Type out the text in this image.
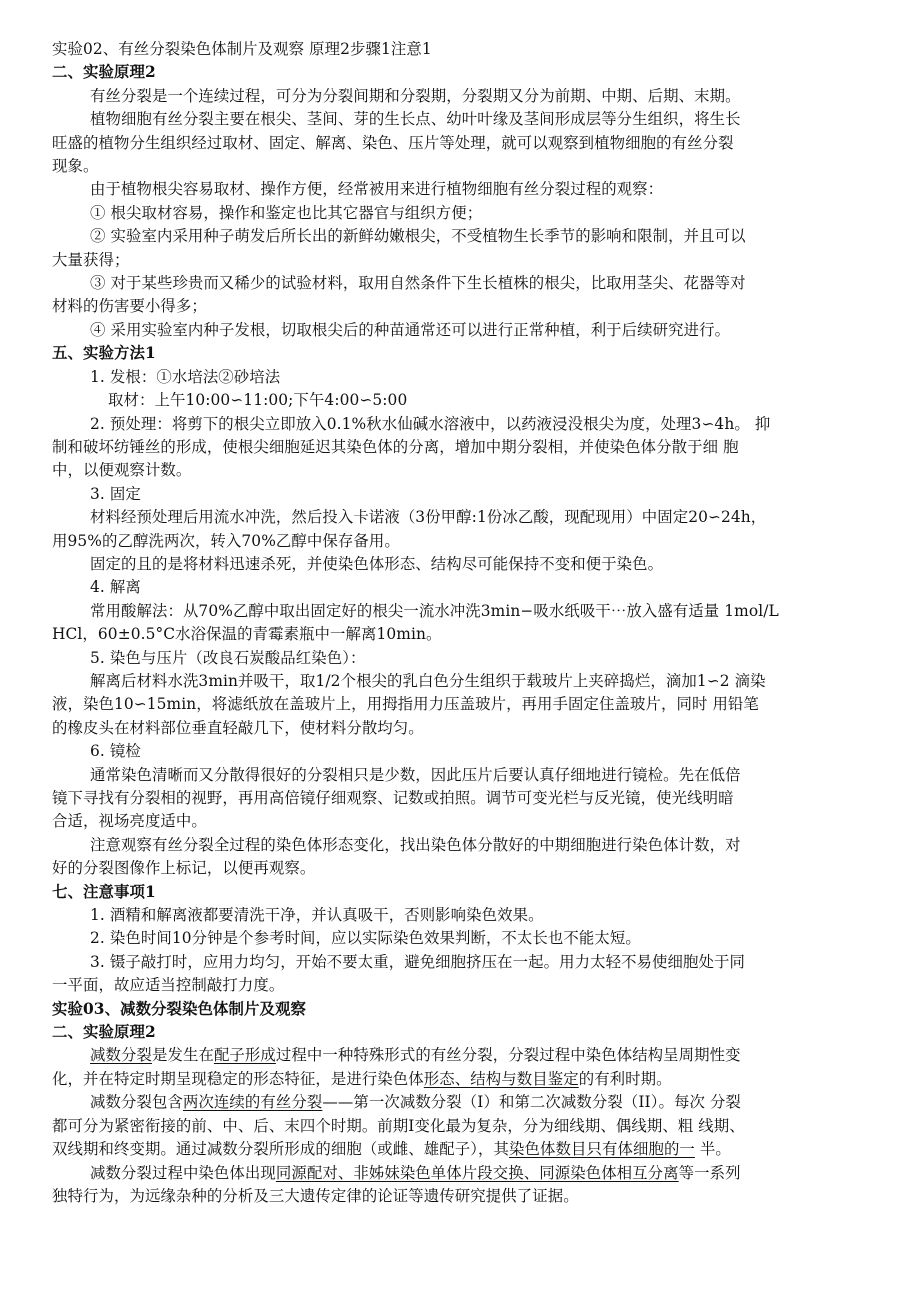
实验02、有丝分裂染色体制片及观察 原理2步骤1注意1

二、实验原理2

有丝分裂是一个连续过程，可分为分裂间期和分裂期，分裂期又分为前期、中期、后期、末期。

植物细胞有丝分裂主要在根尖、茎间、芽的生长点、幼叶叶缘及茎间形成层等分生组织，将生长

旺盛的植物分生组织经过取材、固定、解离、染色、压片等处理，就可以观察到植物细胞的有丝分裂

现象。

由于植物根尖容易取材、操作方便，经常被用来进行植物细胞有丝分裂过程的观察：

① 根尖取材容易，操作和鉴定也比其它器官与组织方便；

② 实验室内采用种子萌发后所长出的新鲜幼嫩根尖，不受植物生长季节的影响和限制，并且可以

大量获得；

③ 对于某些珍贵而又稀少的试验材料，取用自然条件下生长植株的根尖，比取用茎尖、花器等对

材料的伤害要小得多；

④ 采用实验室内种子发根，切取根尖后的种苗通常还可以进行正常种植，利于后续研究进行。

五、实验方法1

1. 发根：①水培法②砂培法

取材：上午10:00∽11:00;下午4:00∽5:00

2. 预处理：将剪下的根尖立即放入0.1%秋水仙碱水溶液中，以药液浸没根尖为度，处理3∽4h。 抑

制和破坏纺锤丝的形成，使根尖细胞延迟其染色体的分离，增加中期分裂相，并使染色体分散于细 胞

中，以便观察计数。

3. 固定

材料经预处理后用流水冲洗，然后投入卡诺液（3份甲醇:1份冰乙酸，现配现用）中固定20∽24h，

用95%的乙醇洗两次，转入70%乙醇中保存备用。

固定的且的是将材料迅速杀死，并使染色体形态、结构尽可能保持不变和便于染色。

4. 解离

常用酸解法：从70%乙醇中取出固定好的根尖一流水冲洗3min−吸水纸吸干⋯放入盛有适量 1mol/L

HCl，60±0.5°C水浴保温的青霉素瓶中一解离10min。

5. 染色与压片（改良石炭酸品红染色）：

解离后材料水洗3min并吸干，取1/2个根尖的乳白色分生组织于载玻片上夹碎捣烂，滴加1∽2 滴染

液，染色10∽15min，将滤纸放在盖玻片上，用拇指用力压盖玻片，再用手固定住盖玻片，同时 用铅笔

的橡皮头在材料部位垂直轻敲几下，使材料分散均匀。

6. 镜检

通常染色清晰而又分散得很好的分裂相只是少数，因此压片后要认真仔细地进行镜检。先在低倍

镜下寻找有分裂相的视野，再用高倍镜仔细观察、记数或拍照。调节可变光栏与反光镜，使光线明暗

合适，视场亮度适中。

注意观察有丝分裂全过程的染色体形态变化，找出染色体分散好的中期细胞进行染色体计数，对

好的分裂图像作上标记，以便再观察。

七、注意事项1

1. 酒精和解离液都要清洗干净，并认真吸干，否则影响染色效果。

2. 染色时间10分钟是个参考时间，应以实际染色效果判断，不太长也不能太短。

3. 镊子敲打时，应用力均匀，开始不要太重，避免细胞挤压在一起。用力太轻不易使细胞处于同

一平面，故应适当控制敲打力度。

实验03、减数分裂染色体制片及观察

二、实验原理2

减数分裂是发生在配子形成过程中一种特殊形式的有丝分裂，分裂过程中染色体结构呈周期性变

化，并在特定时期呈现稳定的形态特征，是进行染色体形态、结构与数目鉴定的有利时期。

减数分裂包含两次连续的有丝分裂——第一次减数分裂（I）和第二次减数分裂（II）。每次 分裂

都可分为紧密衔接的前、中、后、末四个时期。前期I变化最为复杂，分为细线期、偶线期、粗 线期、

双线期和终变期。通过减数分裂所形成的细胞（或雌、雄配子），其染色体数目只有体细胞的一 半。

减数分裂过程中染色体出现同源配对、非姊妹染色单体片段交换、同源染色体相互分离等一系列

独特行为，为远缘杂种的分析及三大遗传定律的论证等遗传研究提供了证据。
